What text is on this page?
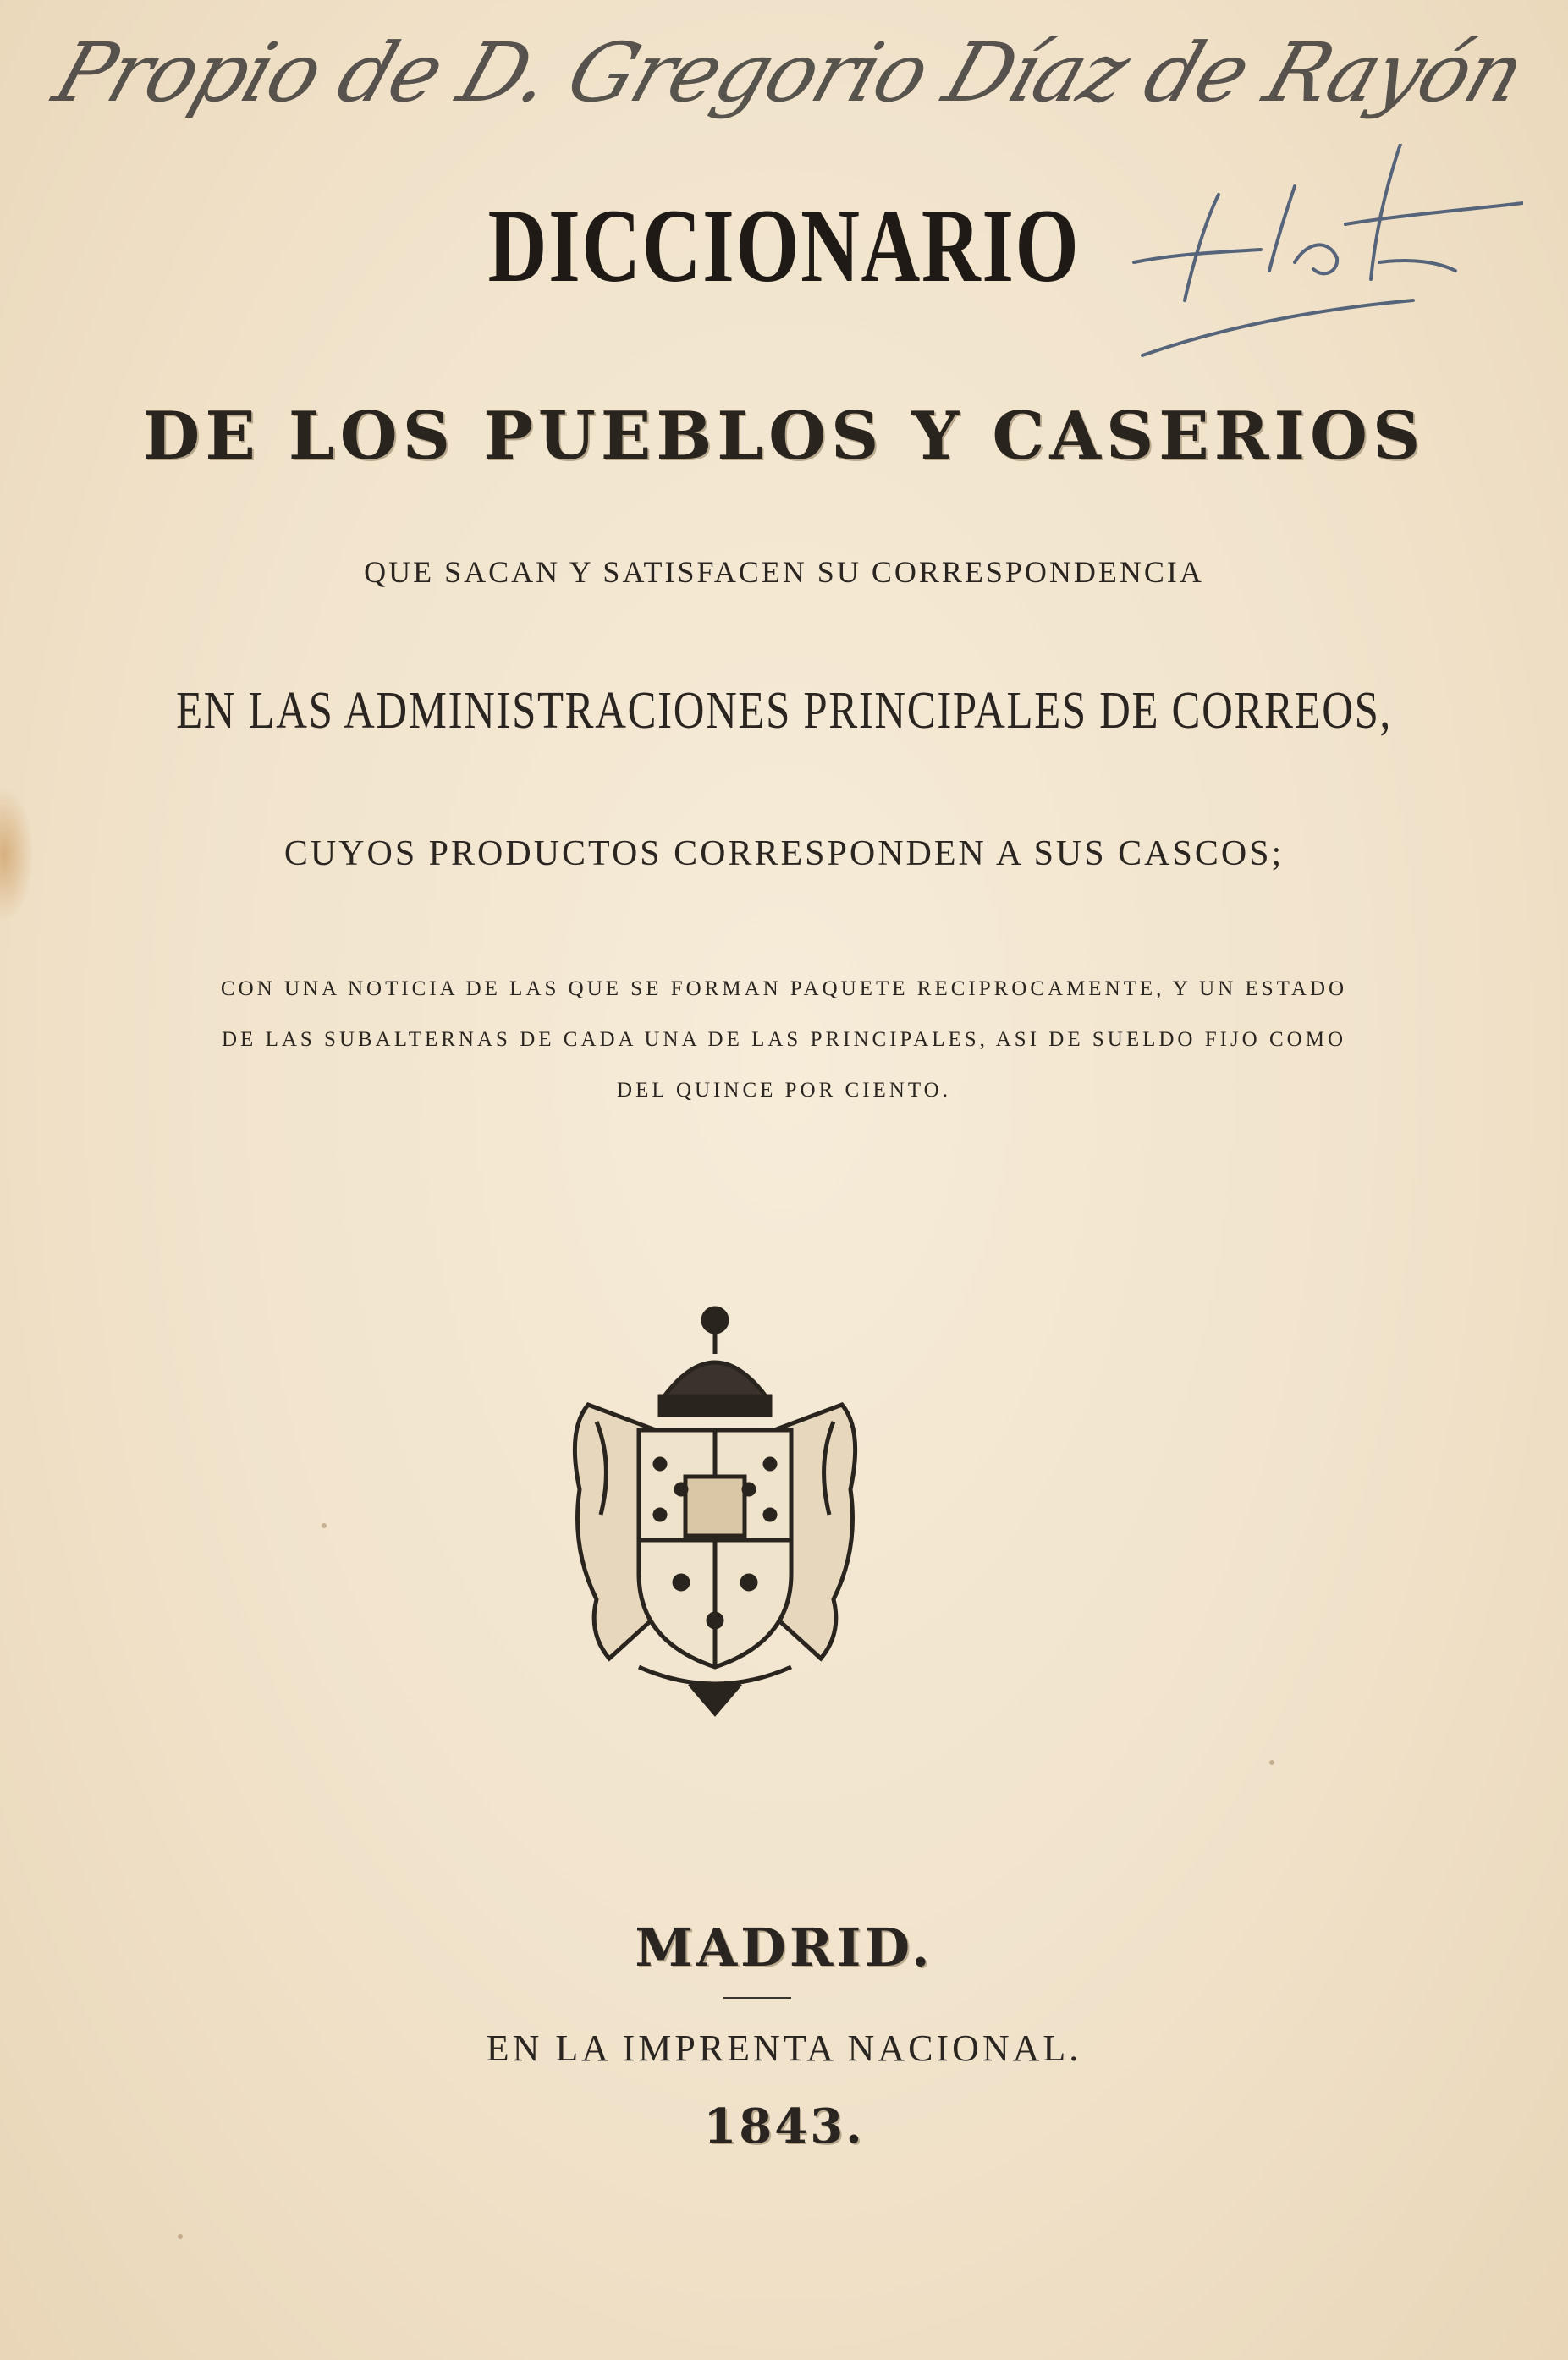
Propio de D. Gregorio Díaz de Rayón
DICCIONARIO
DE LOS PUEBLOS Y CASERIOS
QUE SACAN Y SATISFACEN SU CORRESPONDENCIA
EN LAS ADMINISTRACIONES PRINCIPALES DE CORREOS,
CUYOS PRODUCTOS CORRESPONDEN A SUS CASCOS;
CON UNA NOTICIA DE LAS QUE SE FORMAN PAQUETE RECIPROCAMENTE, Y UN ESTADO
DE LAS SUBALTERNAS DE CADA UNA DE LAS PRINCIPALES, ASI DE SUELDO FIJO COMO
DEL QUINCE POR CIENTO.
MADRID.
EN LA IMPRENTA NACIONAL.
1843.
